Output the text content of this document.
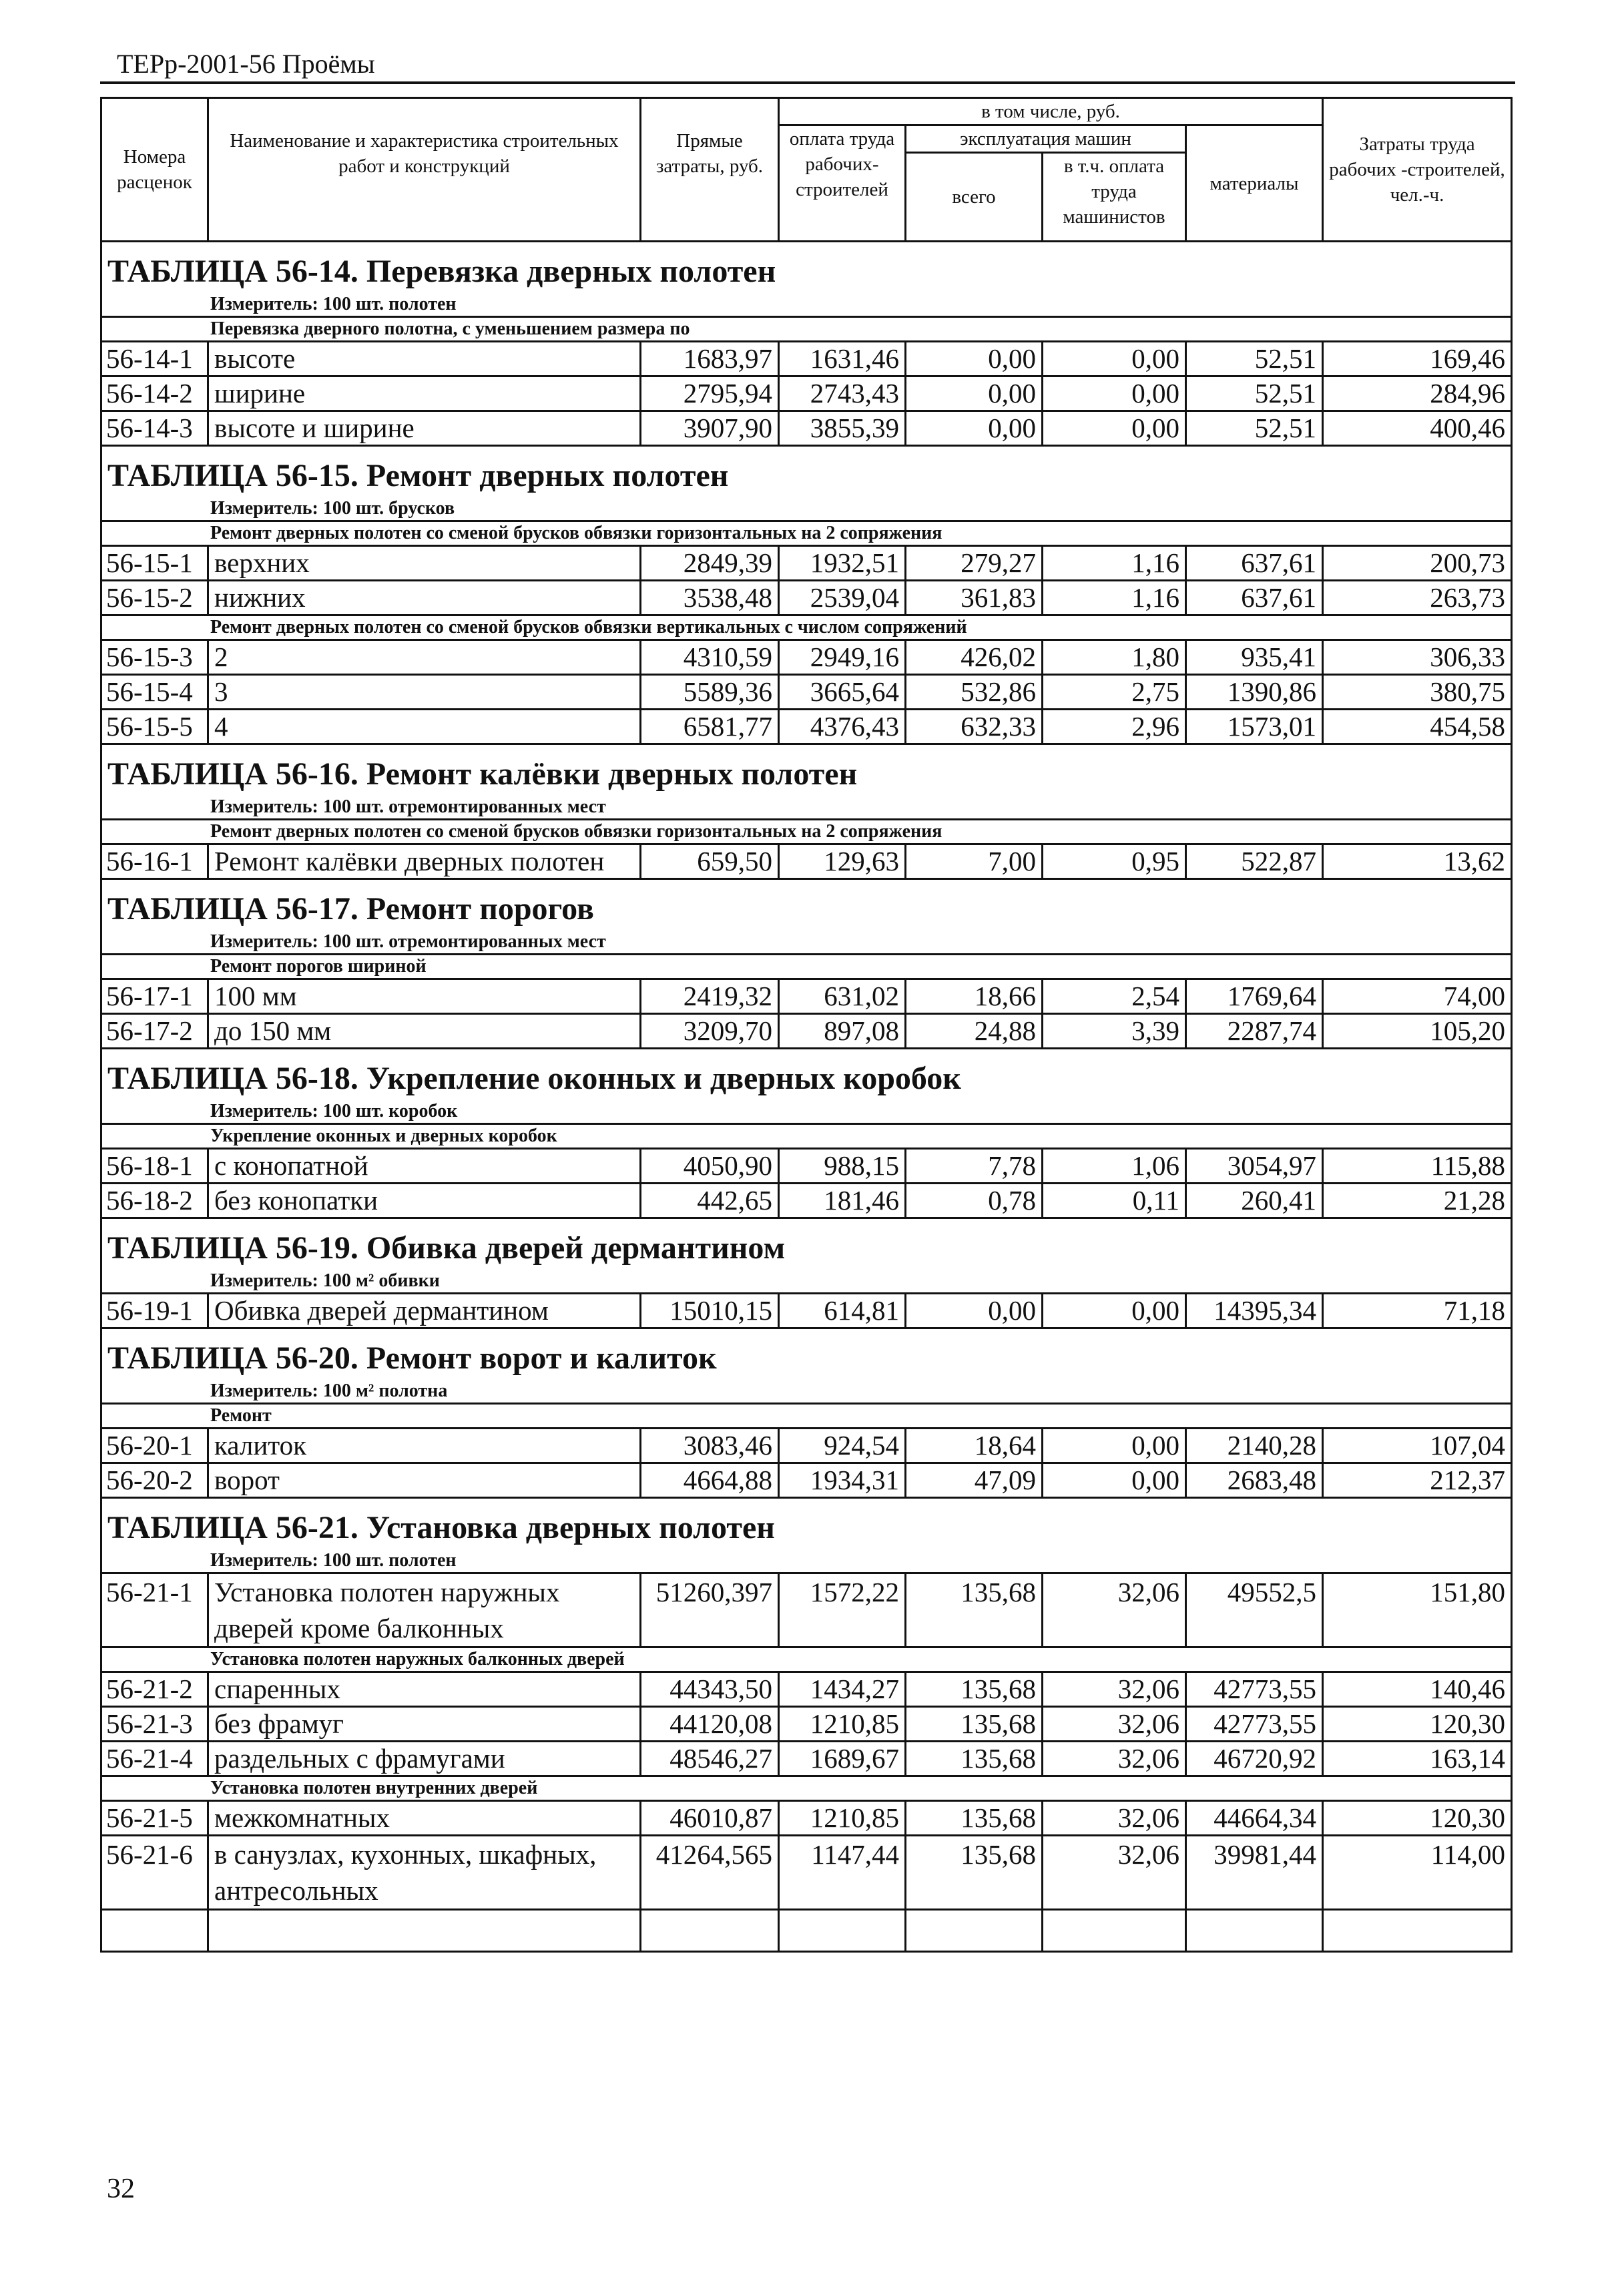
ТЕРр-2001-56 Проёмы
Номера расценок	Наименование и характеристика строительных работ и конструкций	Прямые затраты, руб.	в том числе, руб.				Затраты труда рабочих -строителей, чел.-ч.
			оплата труда рабочих-строителей	эксплуатация машин		материалы	
				всего	в т.ч. оплата труда машинистов		
ТАБЛИЦА 56-14. Перевязка дверных полотен							
Измеритель: 100 шт. полотен							
Перевязка дверного полотна, с уменьшением размера по							
56-14-1	высоте	1683,97	1631,46	0,00	0,00	52,51	169,46
56-14-2	ширине	2795,94	2743,43	0,00	0,00	52,51	284,96
56-14-3	высоте и ширине	3907,90	3855,39	0,00	0,00	52,51	400,46
ТАБЛИЦА 56-15. Ремонт дверных полотен							
Измеритель: 100 шт. брусков							
Ремонт дверных полотен со сменой брусков обвязки горизонтальных на 2 сопряжения							
56-15-1	верхних	2849,39	1932,51	279,27	1,16	637,61	200,73
56-15-2	нижних	3538,48	2539,04	361,83	1,16	637,61	263,73
Ремонт дверных полотен со сменой брусков обвязки вертикальных с числом сопряжений							
56-15-3	2	4310,59	2949,16	426,02	1,80	935,41	306,33
56-15-4	3	5589,36	3665,64	532,86	2,75	1390,86	380,75
56-15-5	4	6581,77	4376,43	632,33	2,96	1573,01	454,58
ТАБЛИЦА 56-16. Ремонт калёвки дверных полотен							
Измеритель: 100 шт. отремонтированных мест							
Ремонт дверных полотен со сменой брусков обвязки горизонтальных на 2 сопряжения							
56-16-1	Ремонт калёвки дверных полотен	659,50	129,63	7,00	0,95	522,87	13,62
ТАБЛИЦА 56-17. Ремонт порогов							
Измеритель: 100 шт. отремонтированных мест							
Ремонт порогов шириной							
56-17-1	100 мм	2419,32	631,02	18,66	2,54	1769,64	74,00
56-17-2	до 150 мм	3209,70	897,08	24,88	3,39	2287,74	105,20
ТАБЛИЦА 56-18. Укрепление оконных и дверных коробок							
Измеритель: 100 шт. коробок							
Укрепление оконных и дверных коробок							
56-18-1	с конопатной	4050,90	988,15	7,78	1,06	3054,97	115,88
56-18-2	без конопатки	442,65	181,46	0,78	0,11	260,41	21,28
ТАБЛИЦА 56-19. Обивка дверей дермантином							
Измеритель: 100 м² обивки							
56-19-1	Обивка дверей дермантином	15010,15	614,81	0,00	0,00	14395,34	71,18
ТАБЛИЦА 56-20. Ремонт ворот и калиток							
Измеритель: 100 м² полотна							
Ремонт							
56-20-1	калиток	3083,46	924,54	18,64	0,00	2140,28	107,04
56-20-2	ворот	4664,88	1934,31	47,09	0,00	2683,48	212,37
ТАБЛИЦА 56-21. Установка дверных полотен							
Измеритель: 100 шт. полотен							
56-21-1	Установка полотен наружных дверей кроме балконных	51260,397	1572,22	135,68	32,06	49552,5	151,80
Установка полотен наружных балконных дверей							
56-21-2	спаренных	44343,50	1434,27	135,68	32,06	42773,55	140,46
56-21-3	без фрамуг	44120,08	1210,85	135,68	32,06	42773,55	120,30
56-21-4	раздельных с фрамугами	48546,27	1689,67	135,68	32,06	46720,92	163,14
Установка полотен внутренних дверей							
56-21-5	межкомнатных	46010,87	1210,85	135,68	32,06	44664,34	120,30
56-21-6	в санузлах, кухонных, шкафных, антресольных	41264,565	1147,44	135,68	32,06	39981,44	114,00

32
